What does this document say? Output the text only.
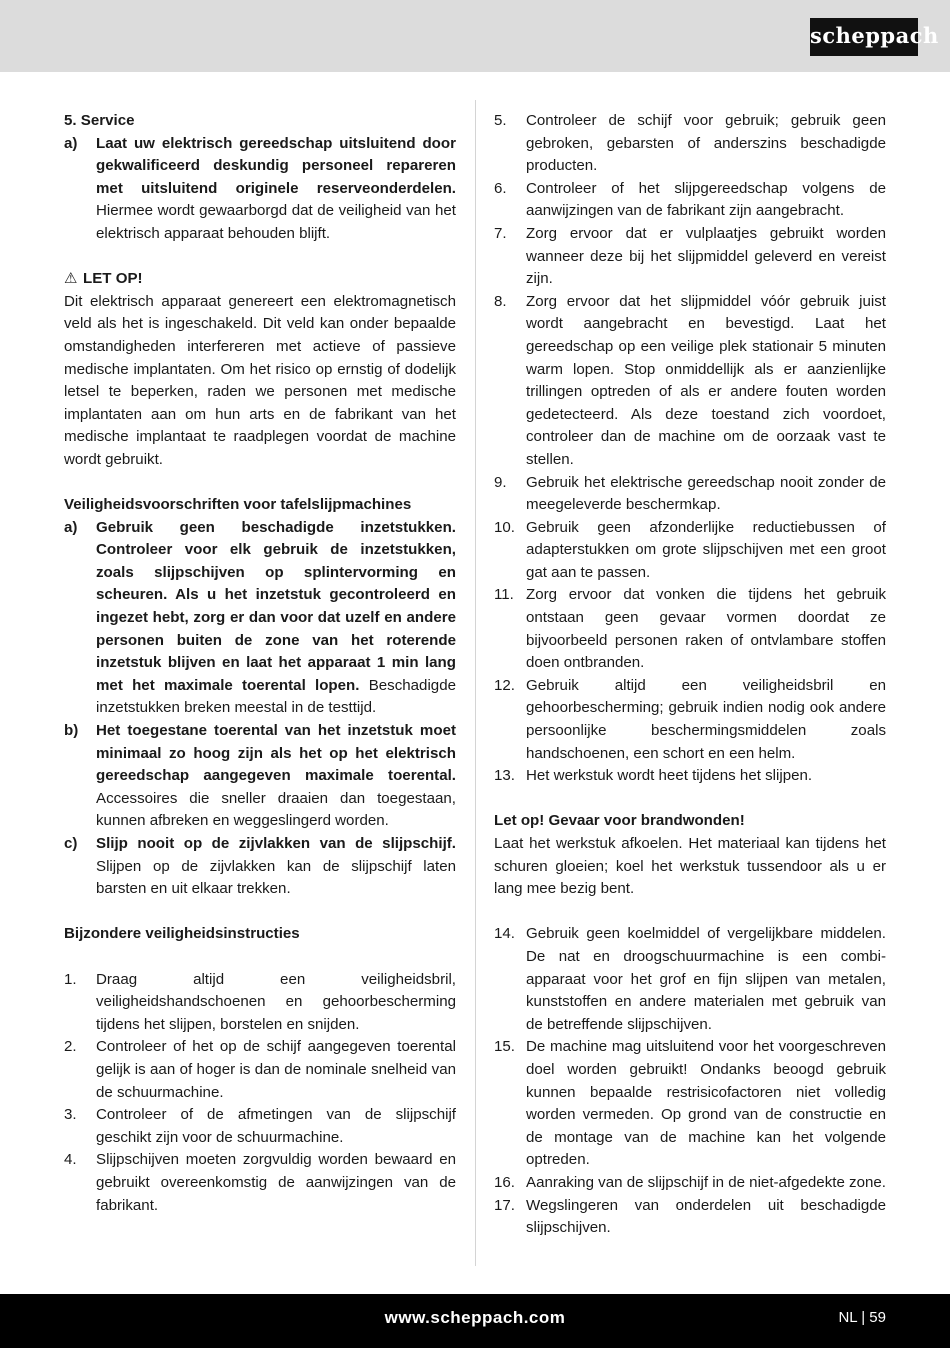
scheppach
5. Service
a)	Laat uw elektrisch gereedschap uitsluitend door gekwalificeerd deskundig personeel repareren met uitsluitend originele reserveonderdelen. Hiermee wordt gewaarborgd dat de veiligheid van het elektrisch apparaat behouden blijft.
⚠ LET OP!
Dit elektrisch apparaat genereert een elektromagnetisch veld als het is ingeschakeld. Dit veld kan onder bepaalde omstandigheden interfereren met actieve of passieve medische implantaten. Om het risico op ernstig of dodelijk letsel te beperken, raden we personen met medische implantaten aan om hun arts en de fabrikant van het medische implantaat te raadplegen voordat de machine wordt gebruikt.
Veiligheidsvoorschriften voor tafelslijpmachines
a)	Gebruik geen beschadigde inzetstukken. Controleer voor elk gebruik de inzetstukken, zoals slijpschijven op splintervorming en scheuren. Als u het inzetstuk gecontroleerd en ingezet hebt, zorg er dan voor dat uzelf en andere personen buiten de zone van het roterende inzetstuk blijven en laat het apparaat 1 min lang met het maximale toerental lopen. Beschadigde inzetstukken breken meestal in de testtijd.
b)	Het toegestane toerental van het inzetstuk moet minimaal zo hoog zijn als het op het elektrisch gereedschap aangegeven maximale toerental. Accessoires die sneller draaien dan toegestaan, kunnen afbreken en weggeslingerd worden.
c)	Slijp nooit op de zijvlakken van de slijpschijf. Slijpen op de zijvlakken kan de slijpschijf laten barsten en uit elkaar trekken.
Bijzondere veiligheidsinstructies
1.	Draag altijd een veiligheidsbril, veiligheidshandschoenen en gehoorbescherming tijdens het slijpen, borstelen en snijden.
2.	Controleer of het op de schijf aangegeven toerental gelijk is aan of hoger is dan de nominale snelheid van de schuurmachine.
3.	Controleer of de afmetingen van de slijpschijf geschikt zijn voor de schuurmachine.
4.	Slijpschijven moeten zorgvuldig worden bewaard en gebruikt overeenkomstig de aanwijzingen van de fabrikant.
5.	Controleer de schijf voor gebruik; gebruik geen gebroken, gebarsten of anderszins beschadigde producten.
6.	Controleer of het slijpgereedschap volgens de aanwijzingen van de fabrikant zijn aangebracht.
7.	Zorg ervoor dat er vulplaatjes gebruikt worden wanneer deze bij het slijpmiddel geleverd en vereist zijn.
8.	Zorg ervoor dat het slijpmiddel vóór gebruik juist wordt aangebracht en bevestigd. Laat het gereedschap op een veilige plek stationair 5 minuten warm lopen. Stop onmiddellijk als er aanzienlijke trillingen optreden of als er andere fouten worden gedetecteerd. Als deze toestand zich voordoet, controleer dan de machine om de oorzaak vast te stellen.
9.	Gebruik het elektrische gereedschap nooit zonder de meegeleverde beschermkap.
10. Gebruik geen afzonderlijke reductiebussen of adapterstukken om grote slijpschijven met een groot gat aan te passen.
11. Zorg ervoor dat vonken die tijdens het gebruik ontstaan geen gevaar vormen doordat ze bijvoorbeeld personen raken of ontvlambare stoffen doen ontbranden.
12. Gebruik altijd een veiligheidsbril en gehoorbescherming; gebruik indien nodig ook andere persoonlijke beschermingsmiddelen zoals handschoenen, een schort en een helm.
13. Het werkstuk wordt heet tijdens het slijpen.
Let op! Gevaar voor brandwonden!
Laat het werkstuk afkoelen. Het materiaal kan tijdens het schuren gloeien; koel het werkstuk tussendoor als u er lang mee bezig bent.
14. Gebruik geen koelmiddel of vergelijkbare middelen. De nat en droogschuurmachine is een combi-apparaat voor het grof en fijn slijpen van metalen, kunststoffen en andere materialen met gebruik van de betreffende slijpschijven.
15. De machine mag uitsluitend voor het voorgeschreven doel worden gebruikt! Ondanks beoogd gebruik kunnen bepaalde restrisicofactoren niet volledig worden vermeden. Op grond van de constructie en de montage van de machine kan het volgende optreden.
16. Aanraking van de slijpschijf in de niet-afgedekte zone.
17. Wegslingeren van onderdelen uit beschadigde slijpschijven.
www.scheppach.com	NL | 59
